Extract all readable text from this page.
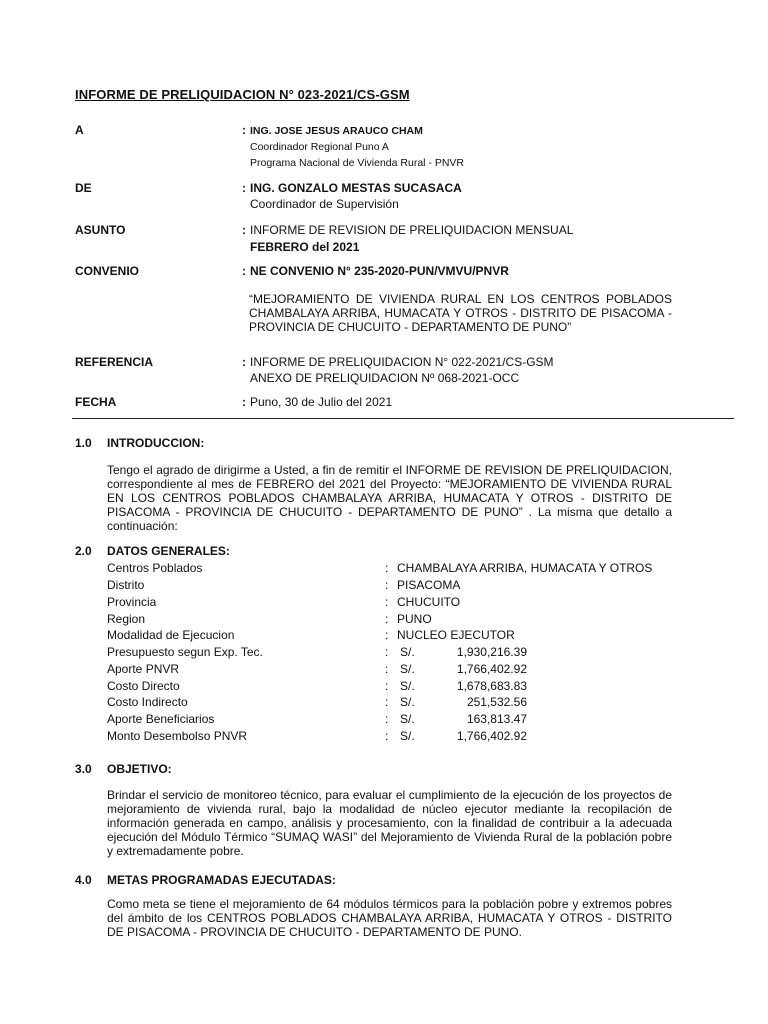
INFORME DE PRELIQUIDACION N° 023-2021/CS-GSM
A	: ING. JOSE JESUS ARAUCO CHAM
Coordinador Regional Puno A
Programa Nacional de Vivienda Rural - PNVR
DE	: ING. GONZALO MESTAS SUCASACA
Coordinador de Supervisión
ASUNTO	: INFORME DE REVISION DE PRELIQUIDACION MENSUAL
FEBRERO del 2021
CONVENIO	: NE CONVENIO N° 235-2020-PUN/VMVU/PNVR
“MEJORAMIENTO DE VIVIENDA RURAL EN LOS CENTROS POBLADOS CHAMBALAYA ARRIBA, HUMACATA Y OTROS - DISTRITO DE PISACOMA - PROVINCIA DE CHUCUITO - DEPARTAMENTO DE PUNO”
REFERENCIA	: INFORME DE PRELIQUIDACION N° 022-2021/CS-GSM
ANEXO DE PRELIQUIDACION Nº 068-2021-OCC
FECHA	: Puno, 30 de Julio del 2021
1.0 INTRODUCCION:
Tengo el agrado de dirigirme a Usted, a fin de remitir el INFORME DE REVISION DE PRELIQUIDACION, correspondiente al mes de FEBRERO del 2021 del Proyecto: “MEJORAMIENTO DE VIVIENDA RURAL EN LOS CENTROS POBLADOS CHAMBALAYA ARRIBA, HUMACATA Y OTROS - DISTRITO DE PISACOMA - PROVINCIA DE CHUCUITO - DEPARTAMENTO DE PUNO” . La misma que detallo a continuación:
2.0 DATOS GENERALES:
Centros Poblados	: CHAMBALAYA ARRIBA, HUMACATA Y OTROS
Distrito	: PISACOMA
Provincia	: CHUCUITO
Region	: PUNO
Modalidad de Ejecucion	: NUCLEO EJECUTOR
Presupuesto segun Exp. Tec.	: S/.	1,930,216.39
Aporte PNVR	: S/.	1,766,402.92
Costo Directo	: S/.	1,678,683.83
Costo Indirecto	: S/.	251,532.56
Aporte Beneficiarios	: S/.	163,813.47
Monto Desembolso PNVR	: S/.	1,766,402.92
3.0 OBJETIVO:
Brindar el servicio de monitoreo técnico, para evaluar el cumplimiento de la ejecución de los proyectos de mejoramiento de vivienda rural, bajo la modalidad de núcleo ejecutor mediante la recopilación de información generada en campo, análisis y procesamiento, con la finalidad de contribuir a la adecuada ejecución del Módulo Térmico “SUMAQ WASI” del Mejoramiento de Vivienda Rural de la población pobre y extremadamente pobre.
4.0 METAS PROGRAMADAS EJECUTADAS:
Como meta se tiene el mejoramiento de 64 módulos térmicos para la población pobre y extremos pobres del ámbito de los CENTROS POBLADOS CHAMBALAYA ARRIBA, HUMACATA Y OTROS - DISTRITO DE PISACOMA - PROVINCIA DE CHUCUITO - DEPARTAMENTO DE PUNO.
